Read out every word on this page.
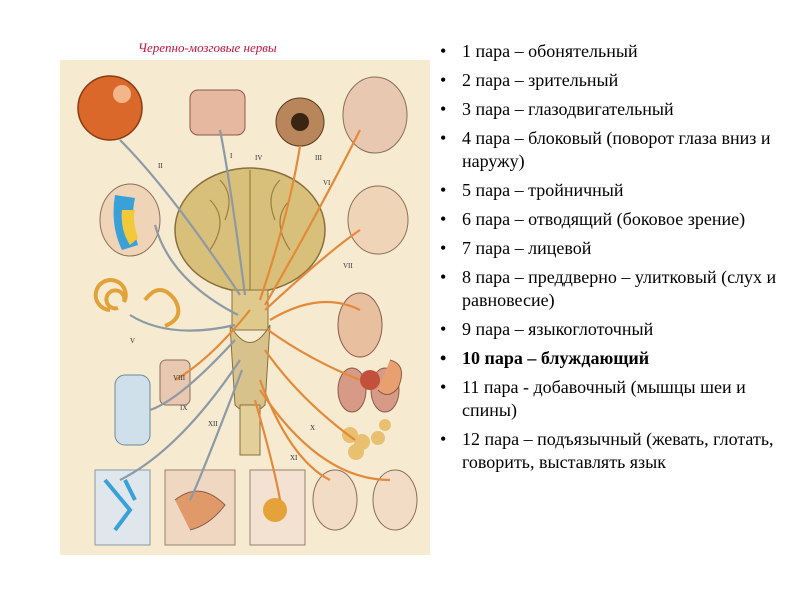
Черепно-мозговые нервы
I
II
III
IV
V
VI
VII
VIII
IX
X
XI
XII
• 1 пара – обонятельный
• 2 пара – зрительный
• 3 пара – глазодвигательный
• 4 пара – блоковый (поворот глаза вниз и наружу)
• 5 пара – тройничный
• 6 пара – отводящий (боковое зрение)
• 7 пара – лицевой
• 8 пара – преддверно – улитковый (слух и равновесие)
• 9 пара – языкоглоточный
• 10 пара – блуждающий
• 11 пара - добавочный (мышцы шеи и спины)
• 12 пара – подъязычный (жевать, глотать, говорить, выставлять язык
